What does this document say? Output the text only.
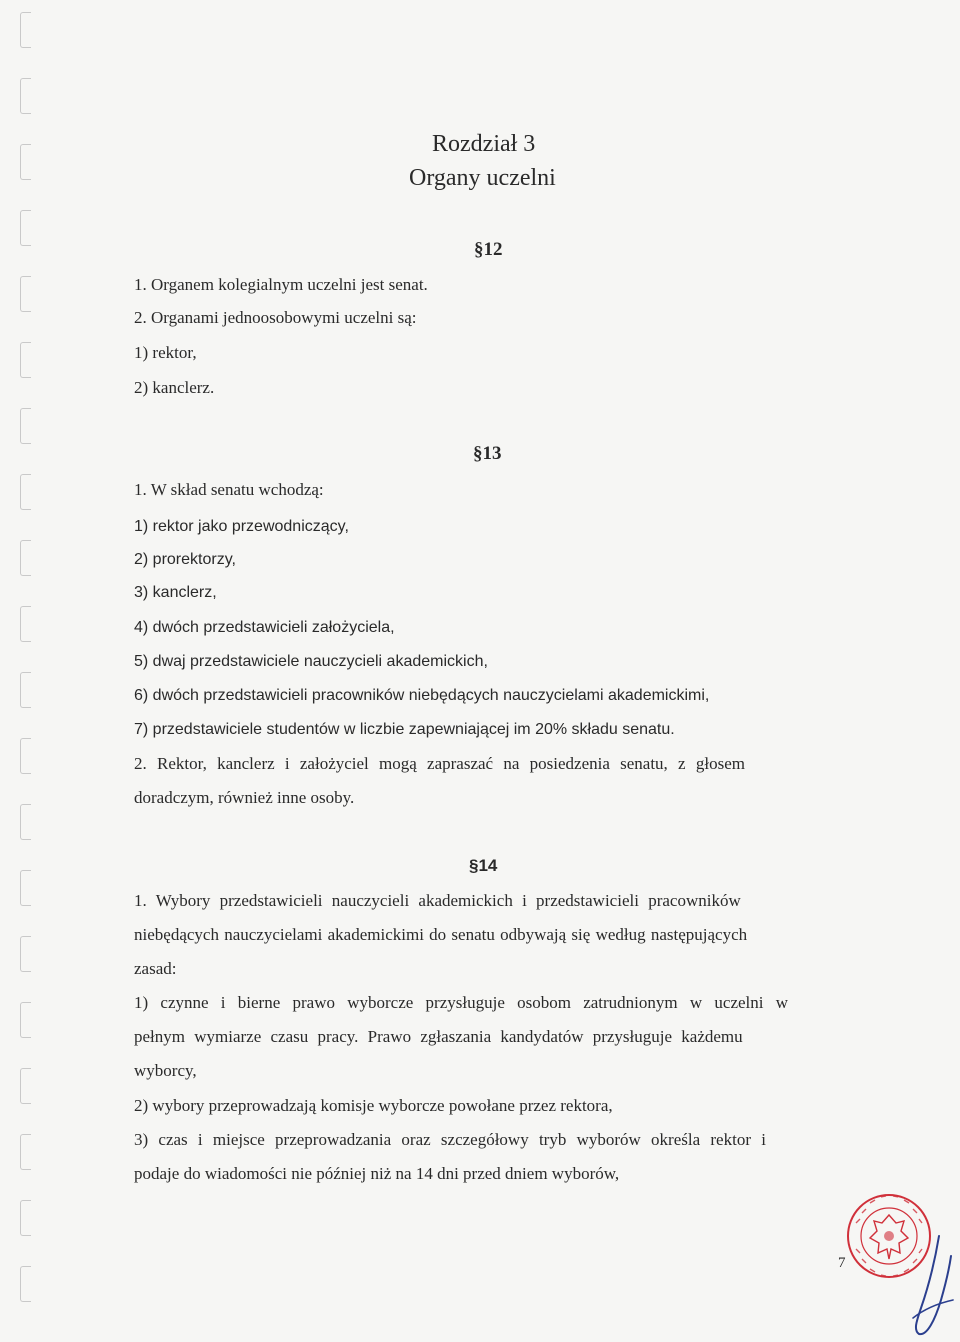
Rozdział 3
Organy uczelni
§12
1. Organem kolegialnym uczelni jest senat.
2. Organami jednoosobowymi uczelni są:
1) rektor,
2) kanclerz.
§13
1. W skład senatu wchodzą:
1) rektor jako przewodniczący,
2) prorektorzy,
3) kanclerz,
4) dwóch przedstawicieli założyciela,
5) dwaj przedstawiciele nauczycieli akademickich,
6) dwóch przedstawicieli pracowników niebędących nauczycielami akademickimi,
7) przedstawiciele studentów w liczbie zapewniającej im 20% składu senatu.
2. Rektor, kanclerz i założyciel mogą zapraszać na posiedzenia senatu, z głosem
doradczym, również inne osoby.
§14
1. Wybory przedstawicieli nauczycieli akademickich i przedstawicieli pracowników
niebędących nauczycielami akademickimi do senatu odbywają się według następujących
zasad:
1) czynne i bierne prawo wyborcze przysługuje osobom zatrudnionym w uczelni w
pełnym wymiarze czasu pracy. Prawo zgłaszania kandydatów przysługuje każdemu
wyborcy,
2) wybory przeprowadzają komisje wyborcze powołane przez rektora,
3) czas i miejsce przeprowadzania oraz szczegółowy tryb wyborów określa rektor i
podaje do wiadomości nie później niż na 14 dni przed dniem wyborów,
7
